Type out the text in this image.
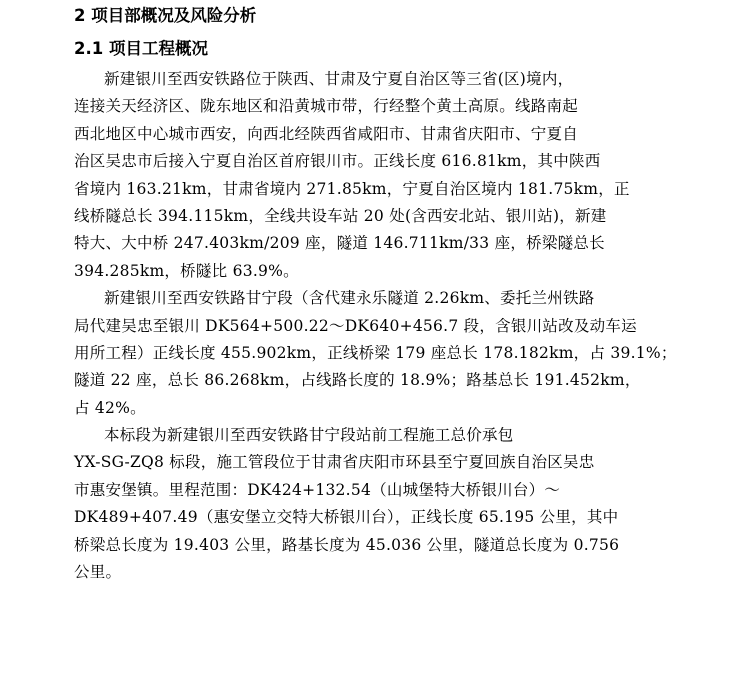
2 项目部概况及风险分析
2.1 项目工程概况

新建银川至西安铁路位于陕西、甘肃及宁夏自治区等三省(区)境内，
连接关天经济区、陇东地区和沿黄城市带，行经整个黄土高原。线路南起
西北地区中心城市西安，向西北经陕西省咸阳市、甘肃省庆阳市、宁夏自
治区吴忠市后接入宁夏自治区首府银川市。正线长度 616.81km，其中陕西
省境内 163.21km，甘肃省境内 271.85km，宁夏自治区境内 181.75km，正
线桥隧总长 394.115km，全线共设车站 20 处(含西安北站、银川站)，新建
特大、大中桥 247.403km/209 座，隧道 146.711km/33 座，桥梁隧总长
394.285km，桥隧比 63.9%。

新建银川至西安铁路甘宁段（含代建永乐隧道 2.26km、委托兰州铁路
局代建吴忠至银川 DK564+500.22～DK640+456.7 段，含银川站改及动车运
用所工程）正线长度 455.902km，正线桥梁 179 座总长 178.182km，占 39.1%；
隧道 22 座，总长 86.268km，占线路长度的 18.9%；路基总长 191.452km，
占 42%。

本标段为新建银川至西安铁路甘宁段站前工程施工总价承包
YX-SG-ZQ8 标段，施工管段位于甘肃省庆阳市环县至宁夏回族自治区吴忠
市惠安堡镇。里程范围：DK424+132.54（山城堡特大桥银川台）～
DK489+407.49（惠安堡立交特大桥银川台），正线长度 65.195 公里，其中
桥梁总长度为 19.403 公里，路基长度为 45.036 公里，隧道总长度为 0.756
公里。
